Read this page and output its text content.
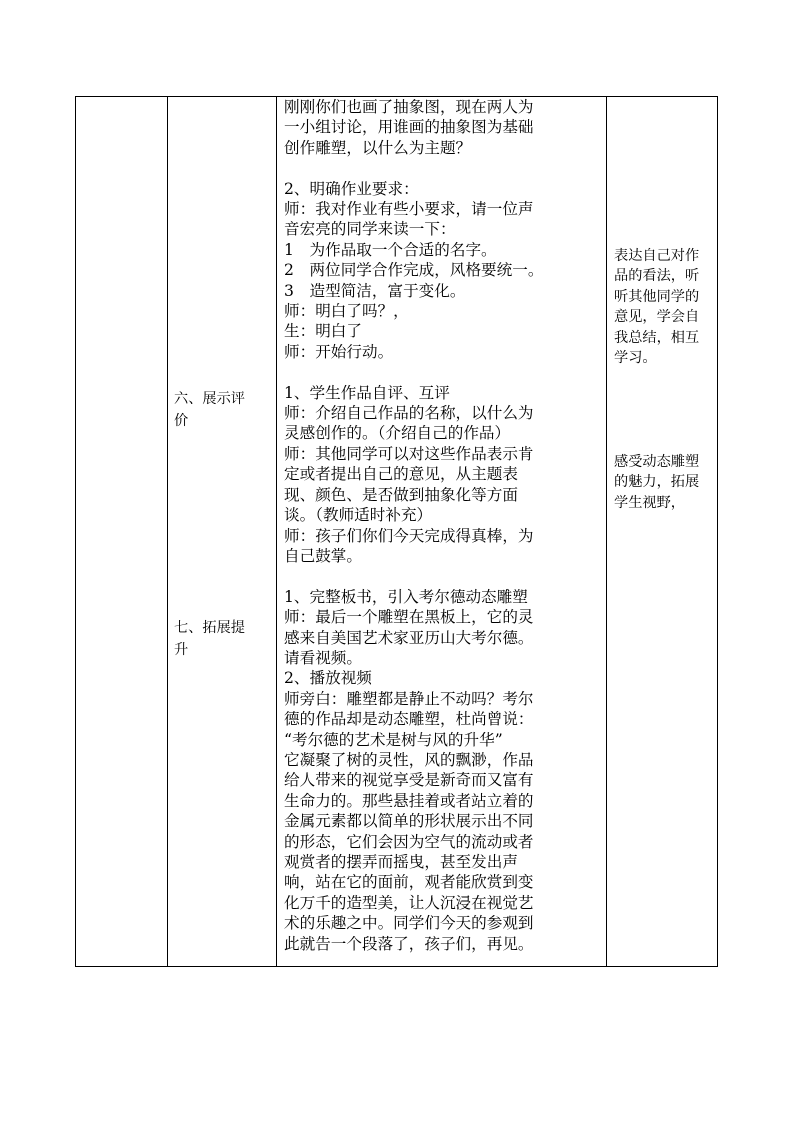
刚刚你们也画了抽象图，现在两人为

一小组讨论，用谁画的抽象图为基础

创作雕塑，以什么为主题？

2、明确作业要求：

师：我对作业有些小要求，请一位声

音宏亮的同学来读一下：

1　为作品取一个合适的名字。

2　两位同学合作完成，风格要统一。

3　造型简洁，富于变化。

师：明白了吗？，

生：明白了

师：开始行动。

1、学生作品自评、互评

师：介绍自己作品的名称，以什么为

灵感创作的。（介绍自己的作品）

师：其他同学可以对这些作品表示肯

定或者提出自己的意见，从主题表

现、颜色、是否做到抽象化等方面

谈。（教师适时补充）

师：孩子们你们今天完成得真棒，为

自己鼓掌。

1、完整板书，引入考尔德动态雕塑

师：最后一个雕塑在黑板上，它的灵

感来自美国艺术家亚历山大考尔德。

请看视频。

2、播放视频

师旁白：雕塑都是静止不动吗？考尔

德的作品却是动态雕塑，杜尚曾说：

“考尔德的艺术是树与风的升华”

它凝聚了树的灵性，风的飘渺，作品

给人带来的视觉享受是新奇而又富有

生命力的。那些悬挂着或者站立着的

金属元素都以简单的形状展示出不同

的形态，它们会因为空气的流动或者

观赏者的摆弄而摇曳，甚至发出声

响，站在它的面前，观者能欣赏到变

化万千的造型美，让人沉浸在视觉艺

术的乐趣之中。同学们今天的参观到

此就告一个段落了，孩子们，再见。

六、展示评

价

七、拓展提

升

表达自己对作

品的看法，听

听其他同学的

意见，学会自

我总结，相互

学习。

感受动态雕塑

的魅力，拓展

学生视野，
